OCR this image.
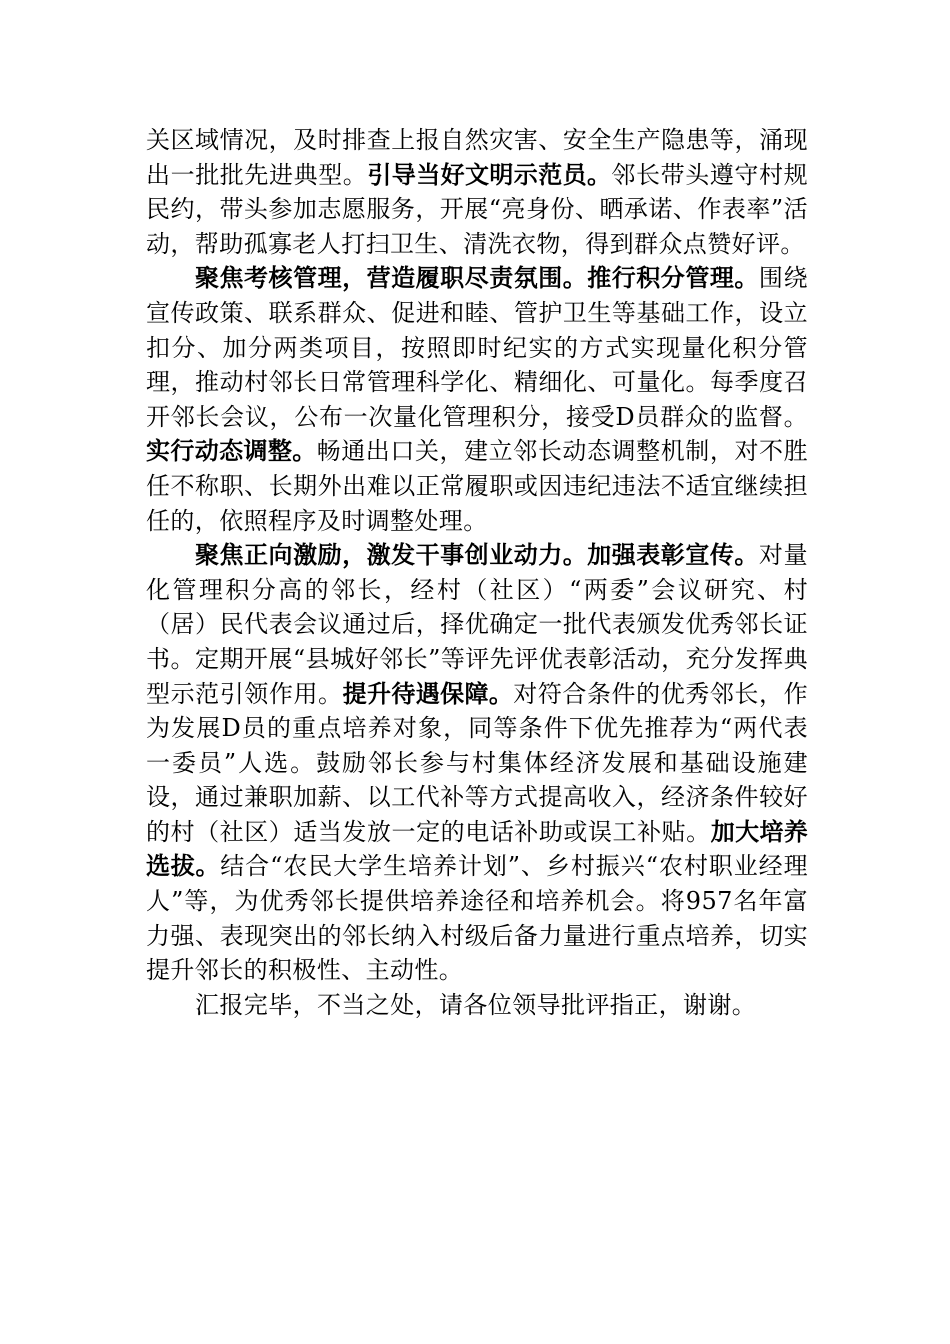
关区域情况，及时排查上报自然灾害、安全生产隐患等，涌现出一批批先进典型。引导当好文明示范员。邻长带头遵守村规民约，带头参加志愿服务，开展“亮身份、晒承诺、作表率”活动，帮助孤寡老人打扫卫生、清洗衣物，得到群众点赞好评。

聚焦考核管理，营造履职尽责氛围。推行积分管理。围绕宣传政策、联系群众、促进和睦、管护卫生等基础工作，设立扣分、加分两类项目，按照即时纪实的方式实现量化积分管理，推动村邻长日常管理科学化、精细化、可量化。每季度召开邻长会议，公布一次量化管理积分，接受D员群众的监督。实行动态调整。畅通出口关，建立邻长动态调整机制，对不胜任不称职、长期外出难以正常履职或因违纪违法不适宜继续担任的，依照程序及时调整处理。

聚焦正向激励，激发干事创业动力。加强表彰宣传。对量化管理积分高的邻长，经村（社区）“两委”会议研究、村（居）民代表会议通过后，择优确定一批代表颁发优秀邻长证书。定期开展“县城好邻长”等评先评优表彰活动，充分发挥典型示范引领作用。提升待遇保障。对符合条件的优秀邻长，作为发展D员的重点培养对象，同等条件下优先推荐为“两代表一委员”人选。鼓励邻长参与村集体经济发展和基础设施建设，通过兼职加薪、以工代补等方式提高收入，经济条件较好的村（社区）适当发放一定的电话补助或误工补贴。加大培养选拔。结合“农民大学生培养计划”、乡村振兴“农村职业经理人”等，为优秀邻长提供培养途径和培养机会。将957名年富力强、表现突出的邻长纳入村级后备力量进行重点培养，切实提升邻长的积极性、主动性。

汇报完毕，不当之处，请各位领导批评指正，谢谢。
